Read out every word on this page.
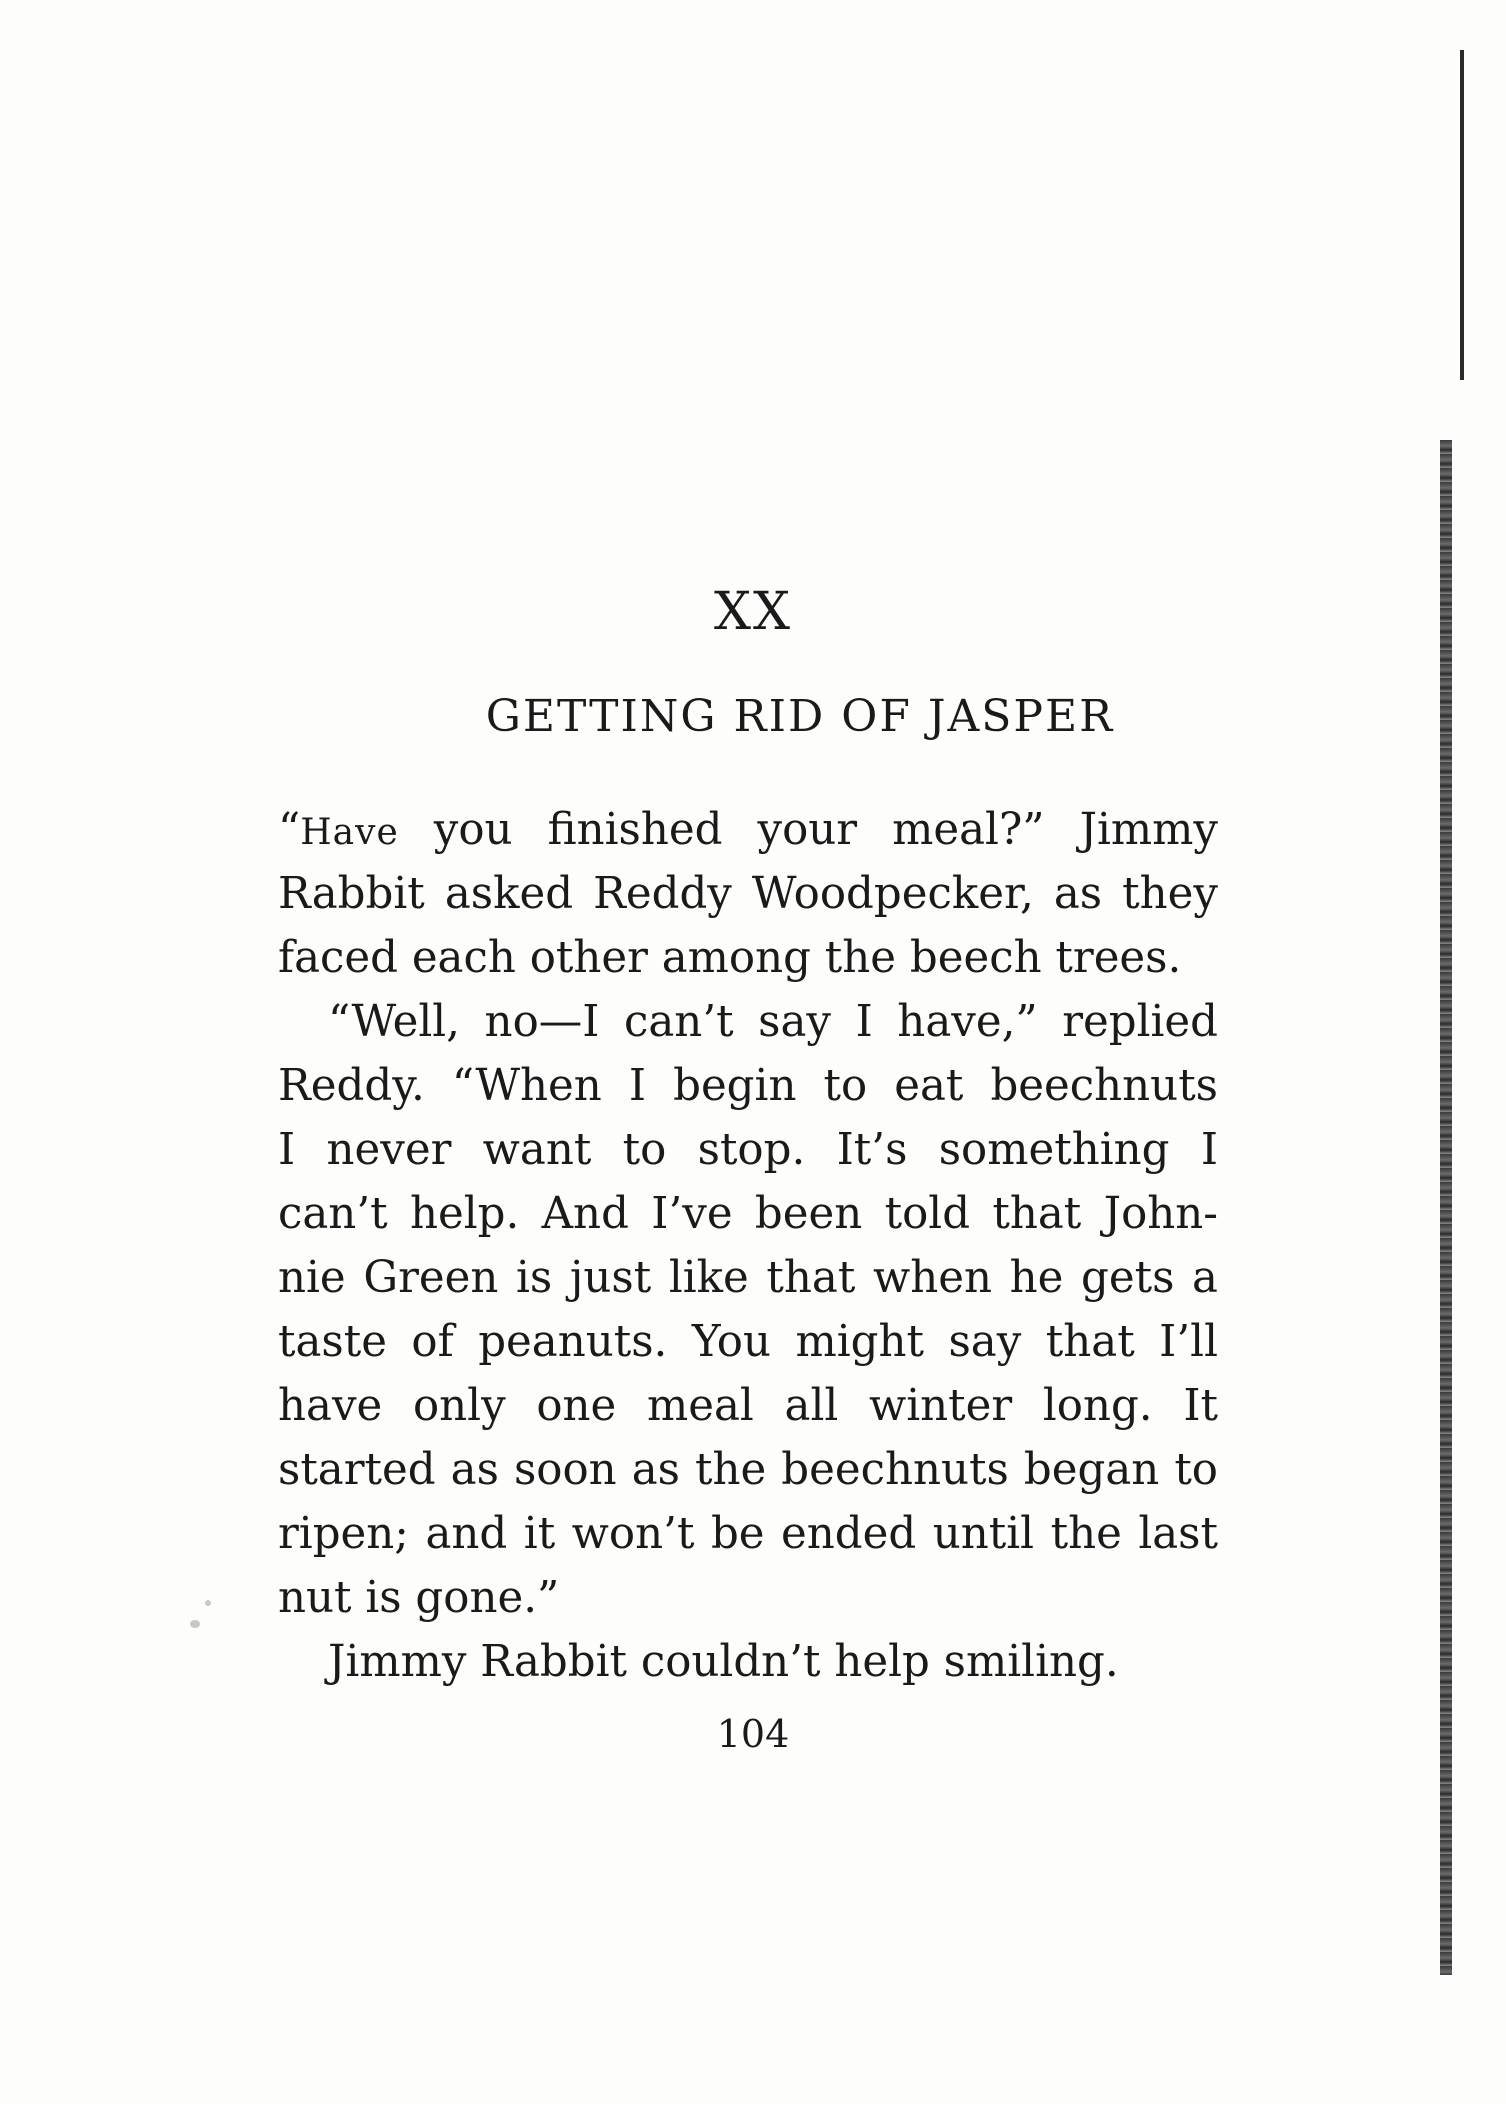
XX
GETTING RID OF JASPER
“Have you finished your meal?” Jimmy
Rabbit asked Reddy Woodpecker, as they
faced each other among the beech trees.
“Well, no—I can’t say I have,” replied
Reddy. “When I begin to eat beechnuts
I never want to stop. It’s something I
can’t help. And I’ve been told that John-
nie Green is just like that when he gets a
taste of peanuts. You might say that I’ll
have only one meal all winter long. It
started as soon as the beechnuts began to
ripen; and it won’t be ended until the last
nut is gone.”
Jimmy Rabbit couldn’t help smiling.
104
